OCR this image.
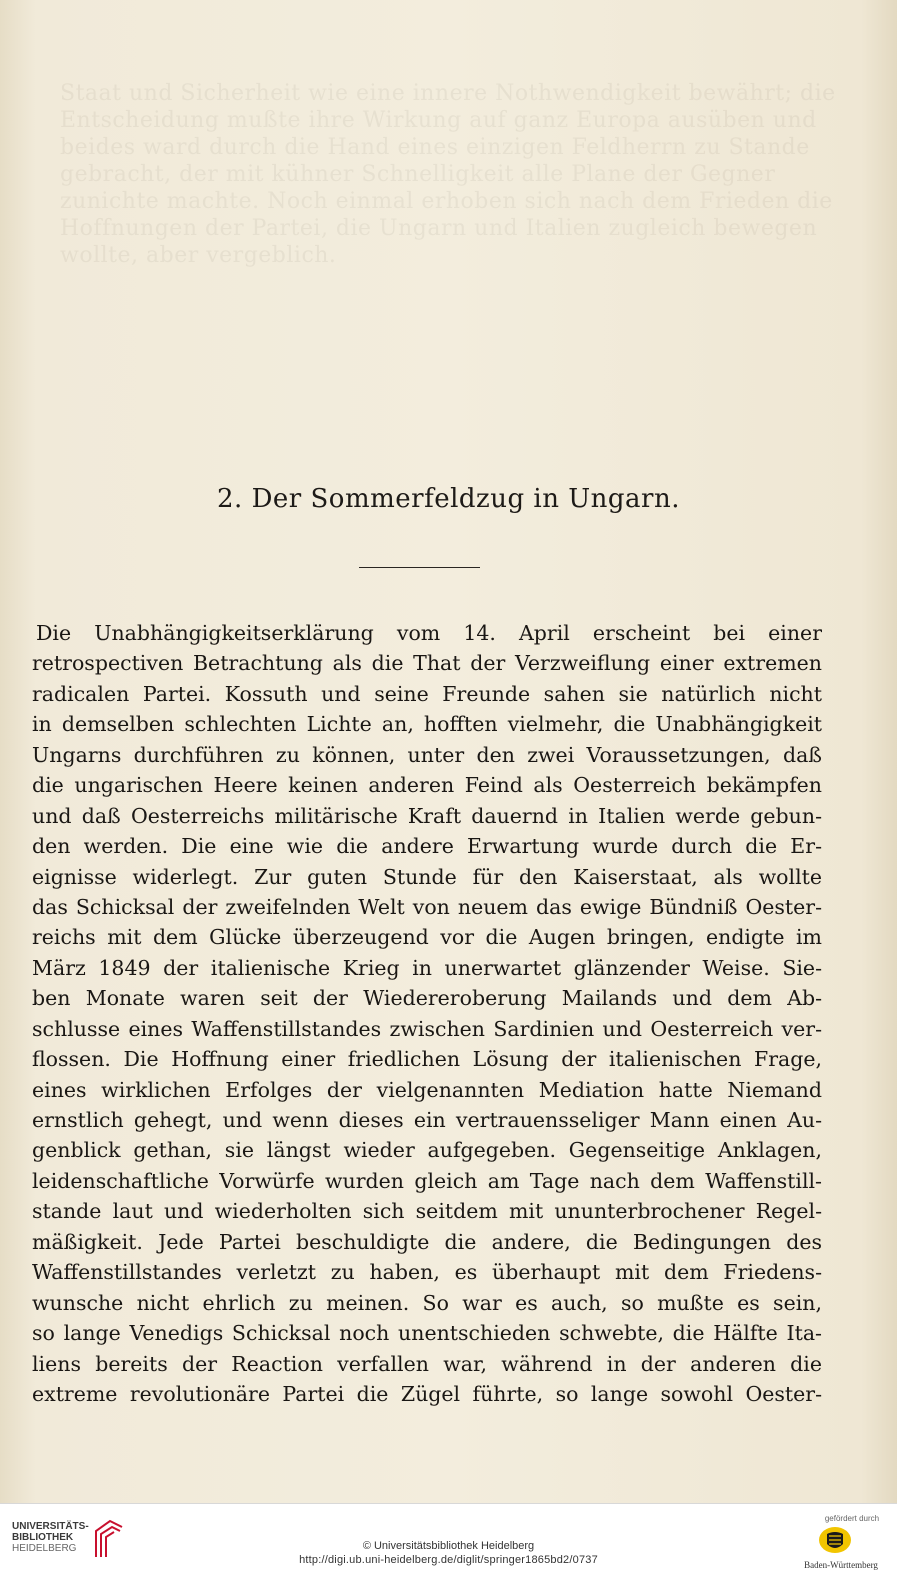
Staat und Sicherheit wie eine innere Nothwendigkeit bewährt; die Entscheidung mußte ihre Wirkung auf ganz Europa ausüben und beides ward durch die Hand eines einzigen Feldherrn zu Stande gebracht, der mit kühner Schnelligkeit alle Plane der Gegner zunichte machte. Noch einmal erhoben sich nach dem Frieden die Hoffnungen der Partei, die Ungarn und Italien zugleich bewegen wollte, aber vergeblich.
2. Der Sommerfeldzug in Ungarn.
Die Unabhängigkeitserklärung vom 14. April erscheint bei einer
retrospectiven Betrachtung als die That der Verzweiflung einer extremen
radicalen Partei. Kossuth und seine Freunde sahen sie natürlich nicht
in demselben schlechten Lichte an, hofften vielmehr, die Unabhängigkeit
Ungarns durchführen zu können, unter den zwei Voraussetzungen, daß
die ungarischen Heere keinen anderen Feind als Oesterreich bekämpfen
und daß Oesterreichs militärische Kraft dauernd in Italien werde gebun-
den werden. Die eine wie die andere Erwartung wurde durch die Er-
eignisse widerlegt. Zur guten Stunde für den Kaiserstaat, als wollte
das Schicksal der zweifelnden Welt von neuem das ewige Bündniß Oester-
reichs mit dem Glücke überzeugend vor die Augen bringen, endigte im
März 1849 der italienische Krieg in unerwartet glänzender Weise. Sie-
ben Monate waren seit der Wiedereroberung Mailands und dem Ab-
schlusse eines Waffenstillstandes zwischen Sardinien und Oesterreich ver-
flossen. Die Hoffnung einer friedlichen Lösung der italienischen Frage,
eines wirklichen Erfolges der vielgenannten Mediation hatte Niemand
ernstlich gehegt, und wenn dieses ein vertrauensseliger Mann einen Au-
genblick gethan, sie längst wieder aufgegeben. Gegenseitige Anklagen,
leidenschaftliche Vorwürfe wurden gleich am Tage nach dem Waffenstill-
stande laut und wiederholten sich seitdem mit ununterbrochener Regel-
mäßigkeit. Jede Partei beschuldigte die andere, die Bedingungen des
Waffenstillstandes verletzt zu haben, es überhaupt mit dem Friedens-
wunsche nicht ehrlich zu meinen. So war es auch, so mußte es sein,
so lange Venedigs Schicksal noch unentschieden schwebte, die Hälfte Ita-
liens bereits der Reaction verfallen war, während in der anderen die
extreme revolutionäre Partei die Zügel führte, so lange sowohl Oester-
UNIVERSITÄTS-
BIBLIOTHEK
HEIDELBERG	© Universitätsbibliothek Heidelberg
http://digi.ub.uni-heidelberg.de/diglit/springer1865bd2/0737
gefördert durch
Baden-Württemberg
